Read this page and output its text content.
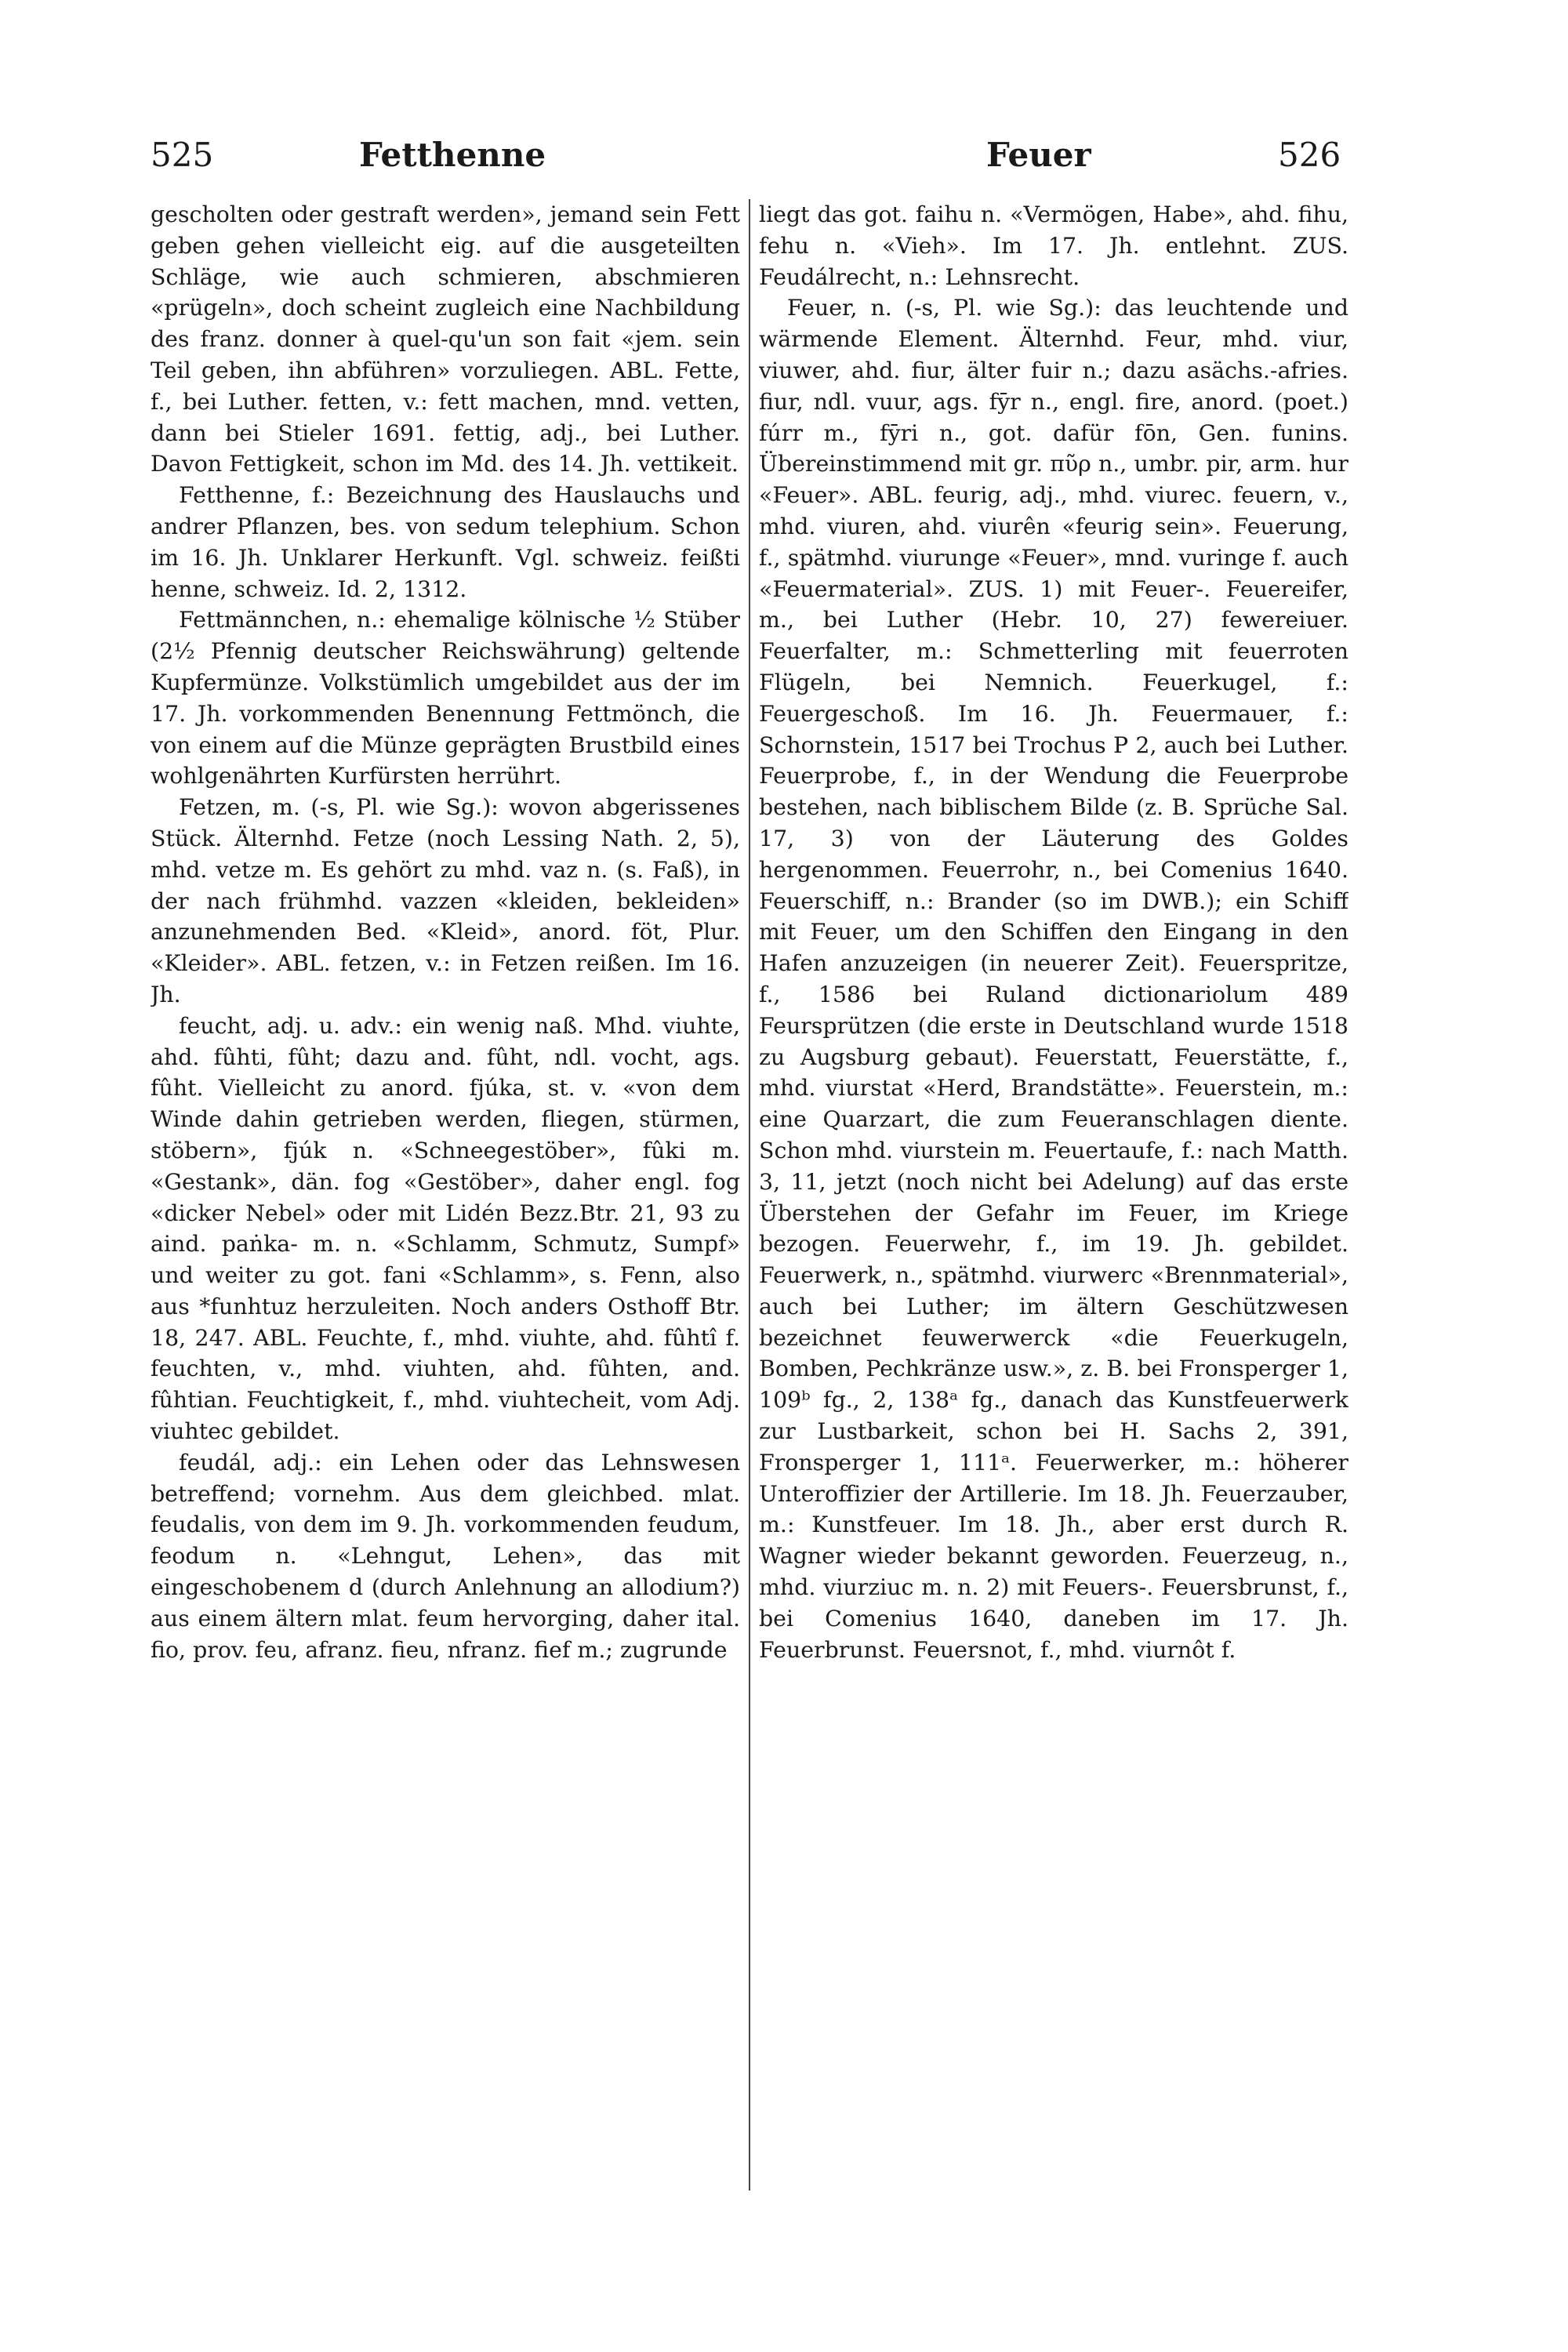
525	Fetthenne	Feuer	526

gescholten oder gestraft werden», jemand sein Fett geben gehen vielleicht eig. auf die ausgeteilten Schläge, wie auch schmieren, abschmieren «prügeln», doch scheint zugleich eine Nachbildung des franz. donner à quel-qu'un son fait «jem. sein Teil geben, ihn abführen» vorzuliegen. ABL. Fette, f., bei Luther. fetten, v.: fett machen, mnd. vetten, dann bei Stieler 1691. fettig, adj., bei Luther. Davon Fettigkeit, schon im Md. des 14. Jh. vettikeit.

Fetthenne, f.: Bezeichnung des Hauslauchs und andrer Pflanzen, bes. von sedum telephium. Schon im 16. Jh. Unklarer Herkunft. Vgl. schweiz. feißti henne, schweiz. Id. 2, 1312.

Fettmännchen, n.: ehemalige kölnische ½ Stüber (2½ Pfennig deutscher Reichswährung) geltende Kupfermünze. Volkstümlich umgebildet aus der im 17. Jh. vorkommenden Benennung Fettmönch, die von einem auf die Münze geprägten Brustbild eines wohlgenährten Kurfürsten herrührt.

Fetzen, m. (-s, Pl. wie Sg.): wovon abgerissenes Stück. Älternhd. Fetze (noch Lessing Nath. 2, 5), mhd. vetze m. Es gehört zu mhd. vaz n. (s. Faß), in der nach frühmhd. vazzen «kleiden, bekleiden» anzunehmenden Bed. «Kleid», anord. föt, Plur. «Kleider». ABL. fetzen, v.: in Fetzen reißen. Im 16. Jh.

feucht, adj. u. adv.: ein wenig naß. Mhd. viuhte, ahd. fûhti, fûht; dazu and. fûht, ndl. vocht, ags. fûht. Vielleicht zu anord. fjúka, st. v. «von dem Winde dahin getrieben werden, fliegen, stürmen, stöbern», fjúk n. «Schneegestöber», fûki m. «Gestank», dän. fog «Gestöber», daher engl. fog «dicker Nebel» oder mit Lidén Bezz.Btr. 21, 93 zu aind. paṅka- m. n. «Schlamm, Schmutz, Sumpf» und weiter zu got. fani «Schlamm», s. Fenn, also aus *funhtuz herzuleiten. Noch anders Osthoff Btr. 18, 247. ABL. Feuchte, f., mhd. viuhte, ahd. fûhtî f. feuchten, v., mhd. viuhten, ahd. fûhten, and. fûhtian. Feuchtigkeit, f., mhd. viuhtecheit, vom Adj. viuhtec gebildet.

feudál, adj.: ein Lehen oder das Lehnswesen betreffend; vornehm. Aus dem gleichbed. mlat. feudalis, von dem im 9. Jh. vorkommenden feudum, feodum n. «Lehngut, Lehen», das mit eingeschobenem d (durch Anlehnung an allodium?) aus einem ältern mlat. feum hervorging, daher ital. fio, prov. feu, afranz. fieu, nfranz. fief m.; zugrunde

liegt das got. faihu n. «Vermögen, Habe», ahd. fihu, fehu n. «Vieh». Im 17. Jh. entlehnt. ZUS. Feudálrecht, n.: Lehnsrecht.

Feuer, n. (-s, Pl. wie Sg.): das leuchtende und wärmende Element. Älternhd. Feur, mhd. viur, viuwer, ahd. fiur, älter fuir n.; dazu asächs.-afries. fiur, ndl. vuur, ags. fȳr n., engl. fire, anord. (poet.) fúrr m., fȳri n., got. dafür fōn, Gen. funins. Übereinstimmend mit gr. πῦρ n., umbr. pir, arm. hur «Feuer». ABL. feurig, adj., mhd. viurec. feuern, v., mhd. viuren, ahd. viurên «feurig sein». Feuerung, f., spätmhd. viurunge «Feuer», mnd. vuringe f. auch «Feuermaterial». ZUS. 1) mit Feuer-. Feuereifer, m., bei Luther (Hebr. 10, 27) fewereiuer. Feuerfalter, m.: Schmetterling mit feuerroten Flügeln, bei Nemnich. Feuerkugel, f.: Feuergeschoß. Im 16. Jh. Feuermauer, f.: Schornstein, 1517 bei Trochus P 2, auch bei Luther. Feuerprobe, f., in der Wendung die Feuerprobe bestehen, nach biblischem Bilde (z. B. Sprüche Sal. 17, 3) von der Läuterung des Goldes hergenommen. Feuerrohr, n., bei Comenius 1640. Feuerschiff, n.: Brander (so im DWB.); ein Schiff mit Feuer, um den Schiffen den Eingang in den Hafen anzuzeigen (in neuerer Zeit). Feuerspritze, f., 1586 bei Ruland dictionariolum 489 Feursprützen (die erste in Deutschland wurde 1518 zu Augsburg gebaut). Feuerstatt, Feuerstätte, f., mhd. viurstat «Herd, Brandstätte». Feuerstein, m.: eine Quarzart, die zum Feueranschlagen diente. Schon mhd. viurstein m. Feuertaufe, f.: nach Matth. 3, 11, jetzt (noch nicht bei Adelung) auf das erste Überstehen der Gefahr im Feuer, im Kriege bezogen. Feuerwehr, f., im 19. Jh. gebildet. Feuerwerk, n., spätmhd. viurwerc «Brennmaterial», auch bei Luther; im ältern Geschützwesen bezeichnet feuwerwerck «die Feuerkugeln, Bomben, Pechkränze usw.», z. B. bei Fronsperger 1, 109ᵇ fg., 2, 138ᵃ fg., danach das Kunstfeuerwerk zur Lustbarkeit, schon bei H. Sachs 2, 391, Fronsperger 1, 111ᵃ. Feuerwerker, m.: höherer Unteroffizier der Artillerie. Im 18. Jh. Feuerzauber, m.: Kunstfeuer. Im 18. Jh., aber erst durch R. Wagner wieder bekannt geworden. Feuerzeug, n., mhd. viurziuc m. n. 2) mit Feuers-. Feuersbrunst, f., bei Comenius 1640, daneben im 17. Jh. Feuerbrunst. Feuersnot, f., mhd. viurnôt f.
